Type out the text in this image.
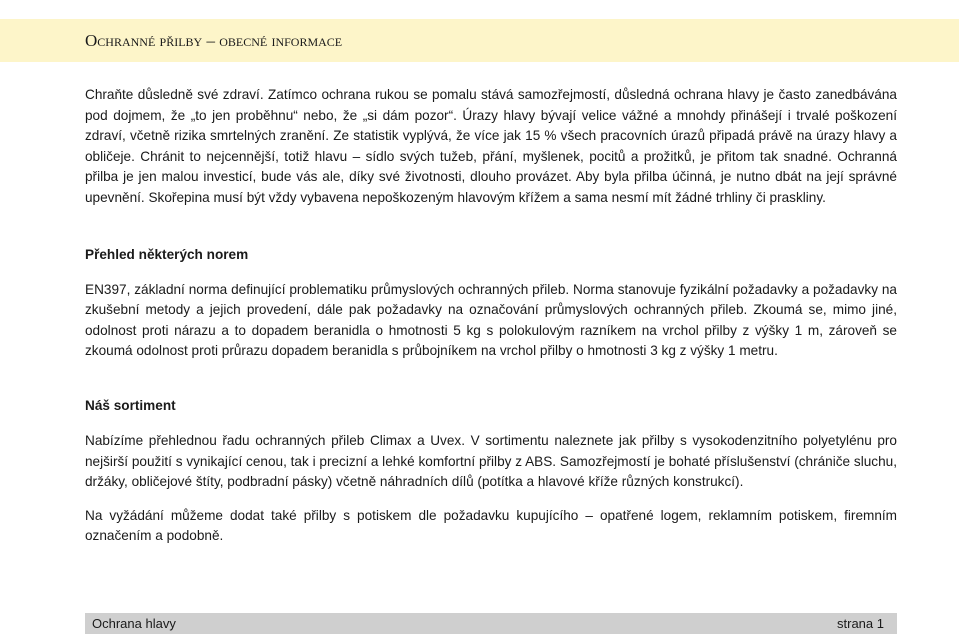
Ochranné přilby – obecné informace

Chraňte důsledně své zdraví. Zatímco ochrana rukou se pomalu stává samozřejmostí, důsledná ochrana hlavy je často zanedbávána pod dojmem, že „to jen proběhnu“ nebo, že „si dám pozor“. Úrazy hlavy bývají velice vážné a mnohdy přinášejí i trvalé poškození zdraví, včetně rizika smrtelných zranění. Ze statistik vyplývá, že více jak 15 % všech pracovních úrazů připadá právě na úrazy hlavy a obličeje. Chránit to nejcennější, totiž hlavu – sídlo svých tužeb, přání, myšlenek, pocitů a prožitků, je přitom tak snadné. Ochranná přilba je jen malou investicí, bude vás ale, díky své životnosti, dlouho provázet. Aby byla přilba účinná, je nutno dbát na její správné upevnění. Skořepina musí být vždy vybavena nepoškozeným hlavovým křížem a sama nesmí mít žádné trhliny či praskliny.

Přehled některých norem

EN397, základní norma definující problematiku průmyslových ochranných přileb. Norma stanovuje fyzikální požadavky a požadavky na zkušební metody a jejich provedení, dále pak požadavky na označování průmyslových ochranných přileb. Zkoumá se, mimo jiné, odolnost proti nárazu a to dopadem beranidla o hmotnosti 5 kg s polokulovým razníkem na vrchol přilby z výšky 1 m, zároveň se zkoumá odolnost proti průrazu dopadem beranidla s průbojníkem na vrchol přilby o hmotnosti 3 kg z výšky 1 metru.

Náš sortiment

Nabízíme přehlednou řadu ochranných přileb Climax a Uvex. V sortimentu naleznete jak přilby s vysokodenzitního polyetylénu pro nejširší použití s vynikající cenou, tak i precizní a lehké komfortní přilby z ABS. Samozřejmostí je bohaté příslušenství (chrániče sluchu, držáky, obličejové štíty, podbradní pásky) včetně náhradních dílů (potítka a hlavové kříže různých konstrukcí).

Na vyžádání můžeme dodat také přilby s potiskem dle požadavku kupujícího – opatřené logem, reklamním potiskem, firemním označením a podobně.

Ochrana hlavy	strana 1
